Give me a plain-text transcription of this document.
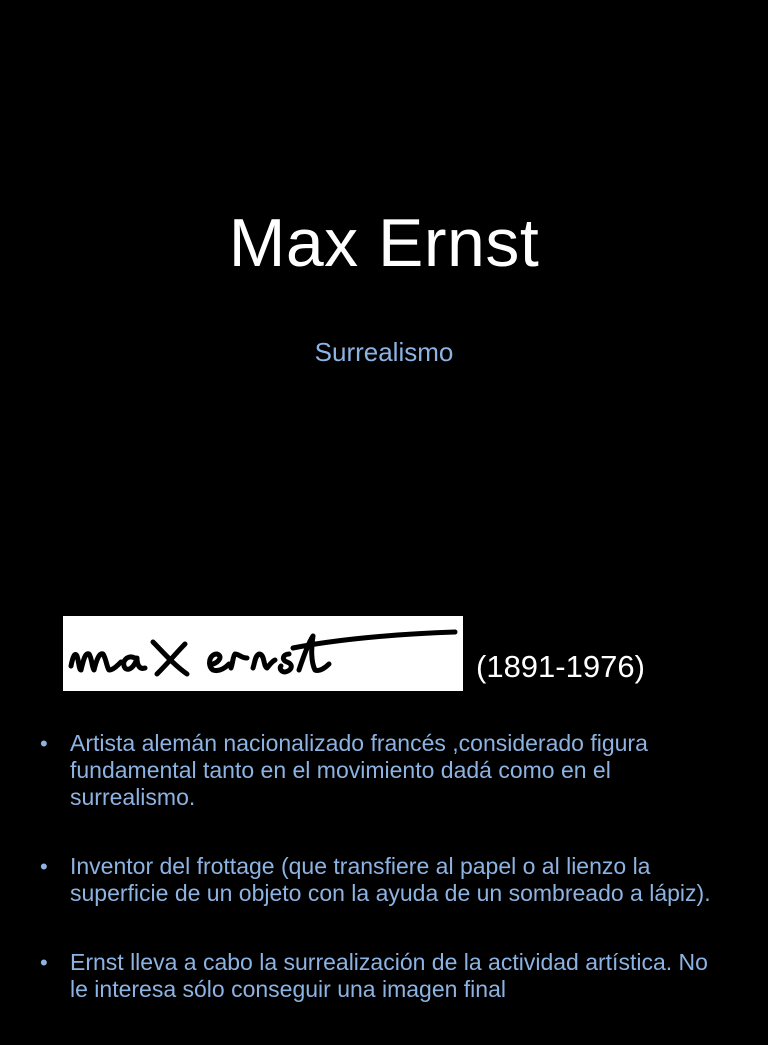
Max Ernst
Surrealismo
max ernst
(1891-1976)
• Artista alemán nacionalizado francés ,considerado figura fundamental tanto en el movimiento dadá como en el surrealismo.
• Inventor del frottage (que transfiere al papel o al lienzo la superficie de un objeto con la ayuda de un sombreado a lápiz).
• Ernst lleva a cabo la surrealización de la actividad artística. No le interesa sólo conseguir una imagen final
